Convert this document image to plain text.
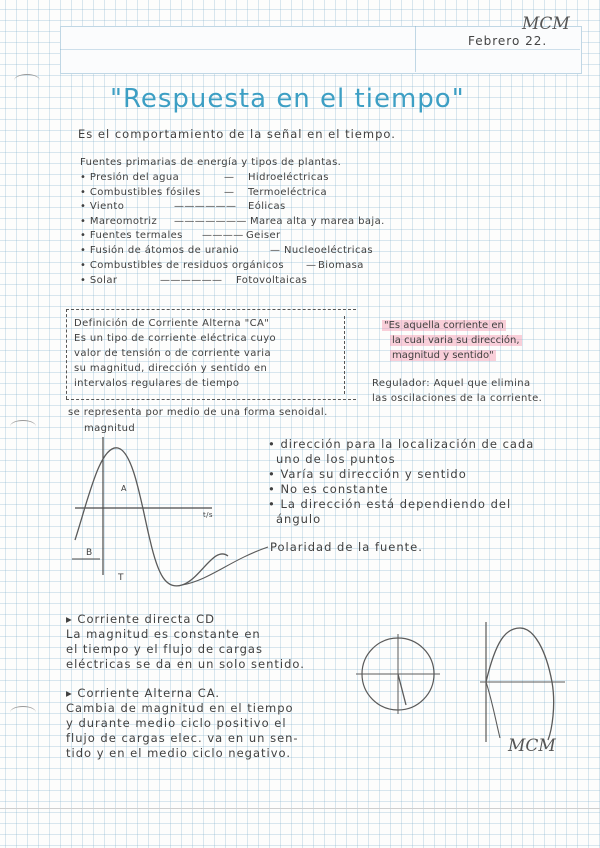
MCM
Febrero 22.
"Respuesta en el tiempo"
Es el comportamiento de la señal en el tiempo.
Fuentes primarias de energía y tipos de plantas.
• Presión del agua	— Hidroeléctricas
• Combustibles fósiles — Termoeléctrica
• Viento	—————— Eólicas
• Mareomotriz ——————— Marea alta y marea baja.
• Fuentes termales ———— Geiser
• Fusión de átomos de uranio	— Nucleoeléctricas
• Combustibles de residuos orgánicos — Biomasa
• Solar	—————— Fotovoltaicas
Definición de Corriente Alterna "CA"
Es un tipo de corriente eléctrica cuyo
valor de tensión o de corriente varia
su magnitud, dirección y sentido en
intervalos regulares de tiempo
se representa por medio de una forma senoidal.
"Es aquella corriente en
la cual varia su dirección,
magnitud y sentido"
Regulador: Aquel que elimina
las oscilaciones de la corriente.
magnitud
A
B
T
t/s
• dirección para la localización de cada
uno de los puntos
• Varía su dirección y sentido
• No es constante
• La dirección está dependiendo del
ángulo
Polaridad de la fuente.
▸ Corriente directa CD
La magnitud es constante en
el tiempo y el flujo de cargas
eléctricas se da en un solo sentido.
▸ Corriente Alterna CA.
Cambia de magnitud en el tiempo
y durante medio ciclo positivo el
flujo de cargas elec. va en un sen-
tido y en el medio ciclo negativo.	MCM
